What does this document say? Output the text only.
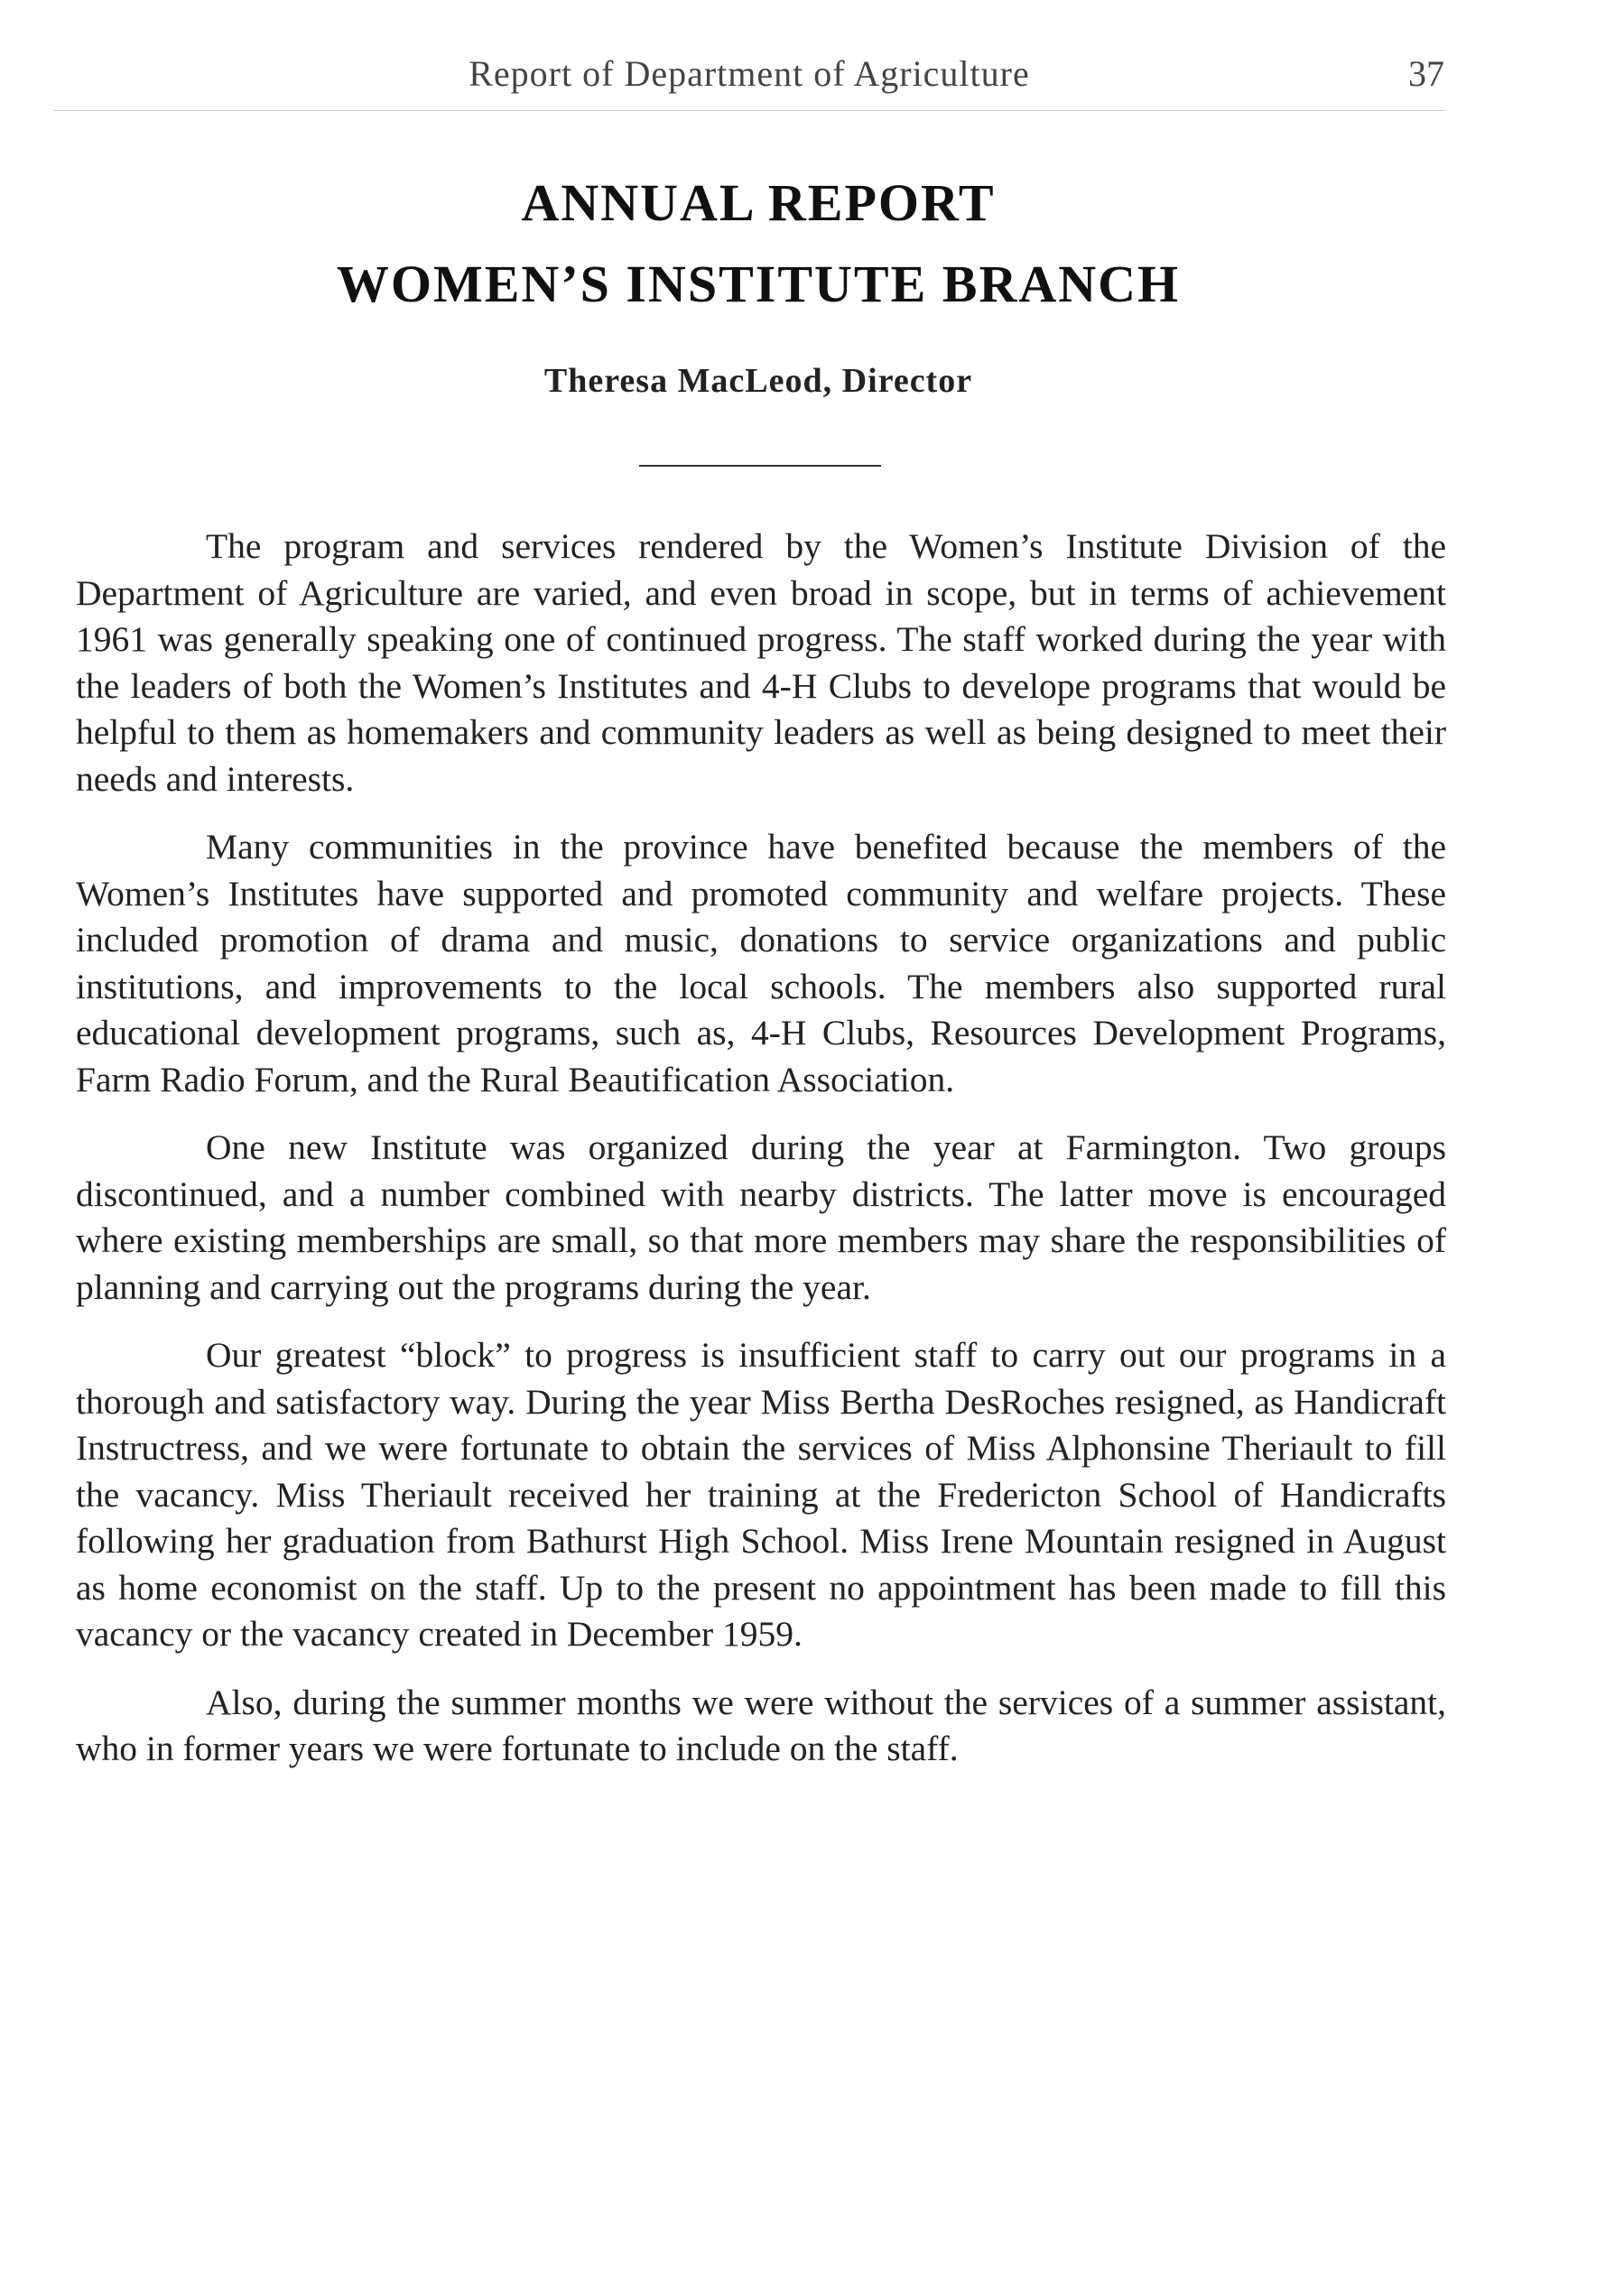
Report of Department of Agriculture	37
ANNUAL REPORT
WOMEN’S INSTITUTE BRANCH
Theresa MacLeod, Director

The program and services rendered by the Women’s Institute Division of the Department of Agriculture are varied, and even broad in scope, but in terms of achievement 1961 was generally speaking one of continued progress. The staff worked during the year with the leaders of both the Women’s Institutes and 4-H Clubs to develope programs that would be helpful to them as homemakers and community leaders as well as being designed to meet their needs and interests.

Many communities in the province have benefited because the members of the Women’s Institutes have supported and promoted community and welfare projects. These included promotion of drama and music, donations to service organizations and public institutions, and improvements to the local schools. The members also supported rural educational development programs, such as, 4-H Clubs, Resources Development Programs, Farm Radio Forum, and the Rural Beautification Association.

One new Institute was organized during the year at Farmington. Two groups discontinued, and a number combined with nearby districts. The latter move is encouraged where existing memberships are small, so that more members may share the responsibilities of planning and carrying out the programs during the year.

Our greatest “block” to progress is insufficient staff to carry out our programs in a thorough and satisfactory way. During the year Miss Bertha DesRoches resigned, as Handicraft Instructress, and we were fortunate to obtain the services of Miss Alphonsine Theriault to fill the vacancy. Miss Theriault received her training at the Fredericton School of Handicrafts following her graduation from Bathurst High School. Miss Irene Mountain resigned in August as home economist on the staff. Up to the present no appointment has been made to fill this vacancy or the vacancy created in December 1959.

Also, during the summer months we were without the services of a summer assistant, who in former years we were fortunate to include on the staff.
